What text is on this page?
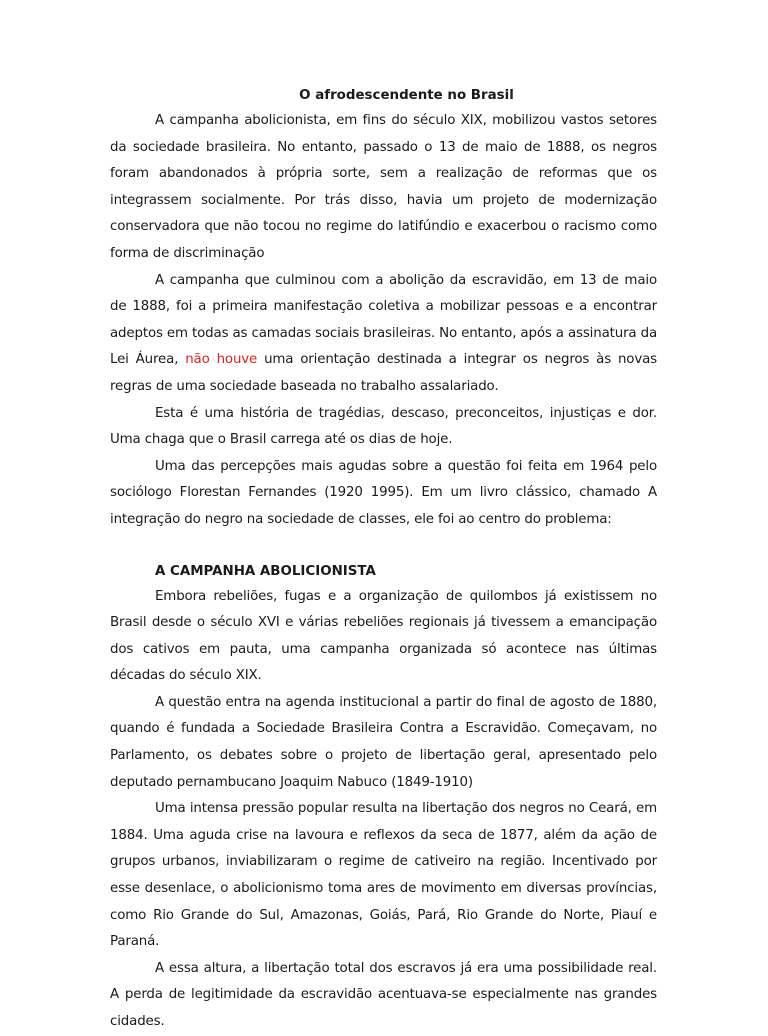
O afrodescendente no Brasil

A campanha abolicionista, em fins do século XIX, mobilizou vastos setores da sociedade brasileira. No entanto, passado o 13 de maio de 1888, os negros foram abandonados à própria sorte, sem a realização de reformas que os integrassem socialmente. Por trás disso, havia um projeto de modernização conservadora que não tocou no regime do latifúndio e exacerbou o racismo como forma de discriminação

A campanha que culminou com a abolição da escravidão, em 13 de maio de 1888, foi a primeira manifestação coletiva a mobilizar pessoas e a encontrar adeptos em todas as camadas sociais brasileiras. No entanto, após a assinatura da Lei Áurea, não houve uma orientação destinada a integrar os negros às novas regras de uma sociedade baseada no trabalho assalariado.

Esta é uma história de tragédias, descaso, preconceitos, injustiças e dor. Uma chaga que o Brasil carrega até os dias de hoje.

Uma das percepções mais agudas sobre a questão foi feita em 1964 pelo sociólogo Florestan Fernandes (1920 1995). Em um livro clássico, chamado A integração do negro na sociedade de classes, ele foi ao centro do problema:

A CAMPANHA ABOLICIONISTA

Embora rebeliões, fugas e a organização de quilombos já existissem no Brasil desde o século XVI e várias rebeliões regionais já tivessem a emancipação dos cativos em pauta, uma campanha organizada só acontece nas últimas décadas do século XIX.

A questão entra na agenda institucional a partir do final de agosto de 1880, quando é fundada a Sociedade Brasileira Contra a Escravidão. Começavam, no Parlamento, os debates sobre o projeto de libertação geral, apresentado pelo deputado pernambucano Joaquim Nabuco (1849-1910)

Uma intensa pressão popular resulta na libertação dos negros no Ceará, em 1884. Uma aguda crise na lavoura e reflexos da seca de 1877, além da ação de grupos urbanos, inviabilizaram o regime de cativeiro na região. Incentivado por esse desenlace, o abolicionismo toma ares de movimento em diversas províncias, como Rio Grande do Sul, Amazonas, Goiás, Pará, Rio Grande do Norte, Piauí e Paraná.

A essa altura, a libertação total dos escravos já era uma possibilidade real. A perda de legitimidade da escravidão acentuava-se especialmente nas grandes cidades.
